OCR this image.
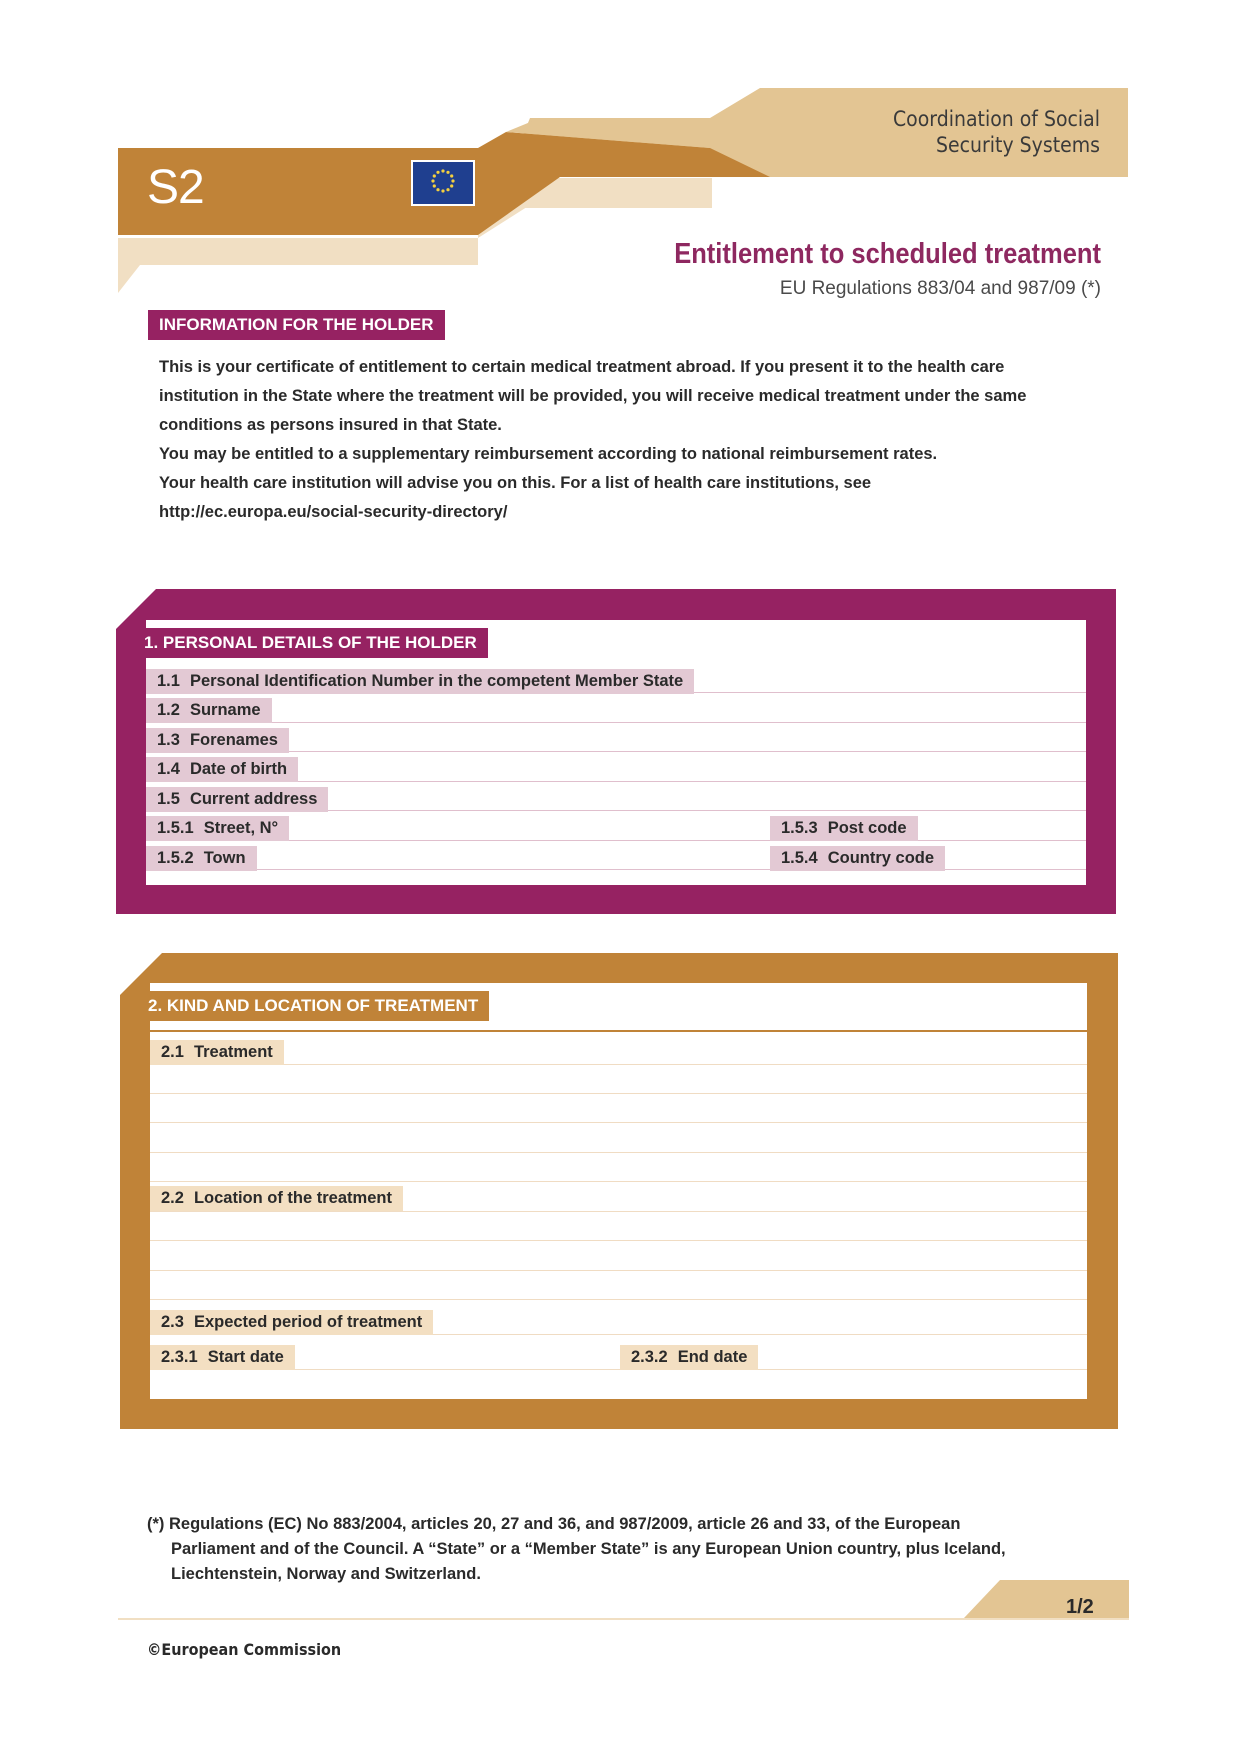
S2
Coordination of Social
Security Systems
Entitlement to scheduled treatment
EU Regulations 883/04 and 987/09 (*)
INFORMATION FOR THE HOLDER

This is your certificate of entitlement to certain medical treatment abroad. If you present it to the health care

institution in the State where the treatment will be provided, you will receive medical treatment under the same

conditions as persons insured in that State.

You may be entitled to a supplementary reimbursement according to national reimbursement rates.

Your health care institution will advise you on this. For a list of health care institutions, see

http://ec.europa.eu/social-security-directory/

1. PERSONAL DETAILS OF THE HOLDER
1.1 Personal Identification Number in the competent Member State
1.2 Surname
1.3 Forenames
1.4 Date of birth
1.5 Current address
1.5.1 Street, N°
1.5.2 Town
1.5.3 Post code
1.5.4 Country code
2. KIND AND LOCATION OF TREATMENT
2.1 Treatment
2.2 Location of the treatment
2.3 Expected period of treatment
2.3.1 Start date	2.3.2 End date
(*) Regulations (EC) No 883/2004, articles 20, 27 and 36, and 987/2009, article 26 and 33, of the European
Parliament and of the Council. A “State” or a “Member State” is any European Union country, plus Iceland,
Liechtenstein, Norway and Switzerland.
1/2
©European Commission
